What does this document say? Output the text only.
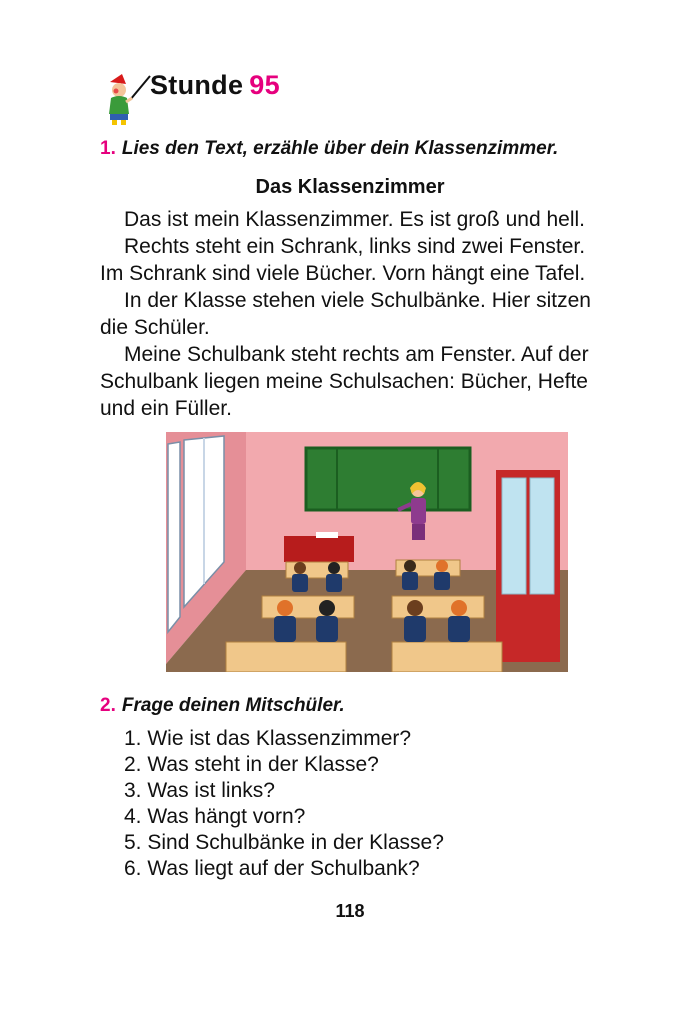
Stunde 95
1. Lies den Text, erzähle über dein Klassenzimmer.
Das Klassenzimmer

Das ist mein Klassenzimmer. Es ist groß und hell.

Rechts steht ein Schrank, links sind zwei Fenster.

Im Schrank sind viele Bücher. Vorn hängt eine Tafel.

In der Klasse stehen viele Schulbänke. Hier sitzen

die Schüler.

Meine Schulbank steht rechts am Fenster. Auf der

Schulbank liegen meine Schulsachen: Bücher, Hefte

und ein Füller.

2. Frage deinen Mitschüler.
1. Wie ist das Klassenzimmer?
2. Was steht in der Klasse?
3. Was ist links?
4. Was hängt vorn?
5. Sind Schulbänke in der Klasse?
6. Was liegt auf der Schulbank?
118
